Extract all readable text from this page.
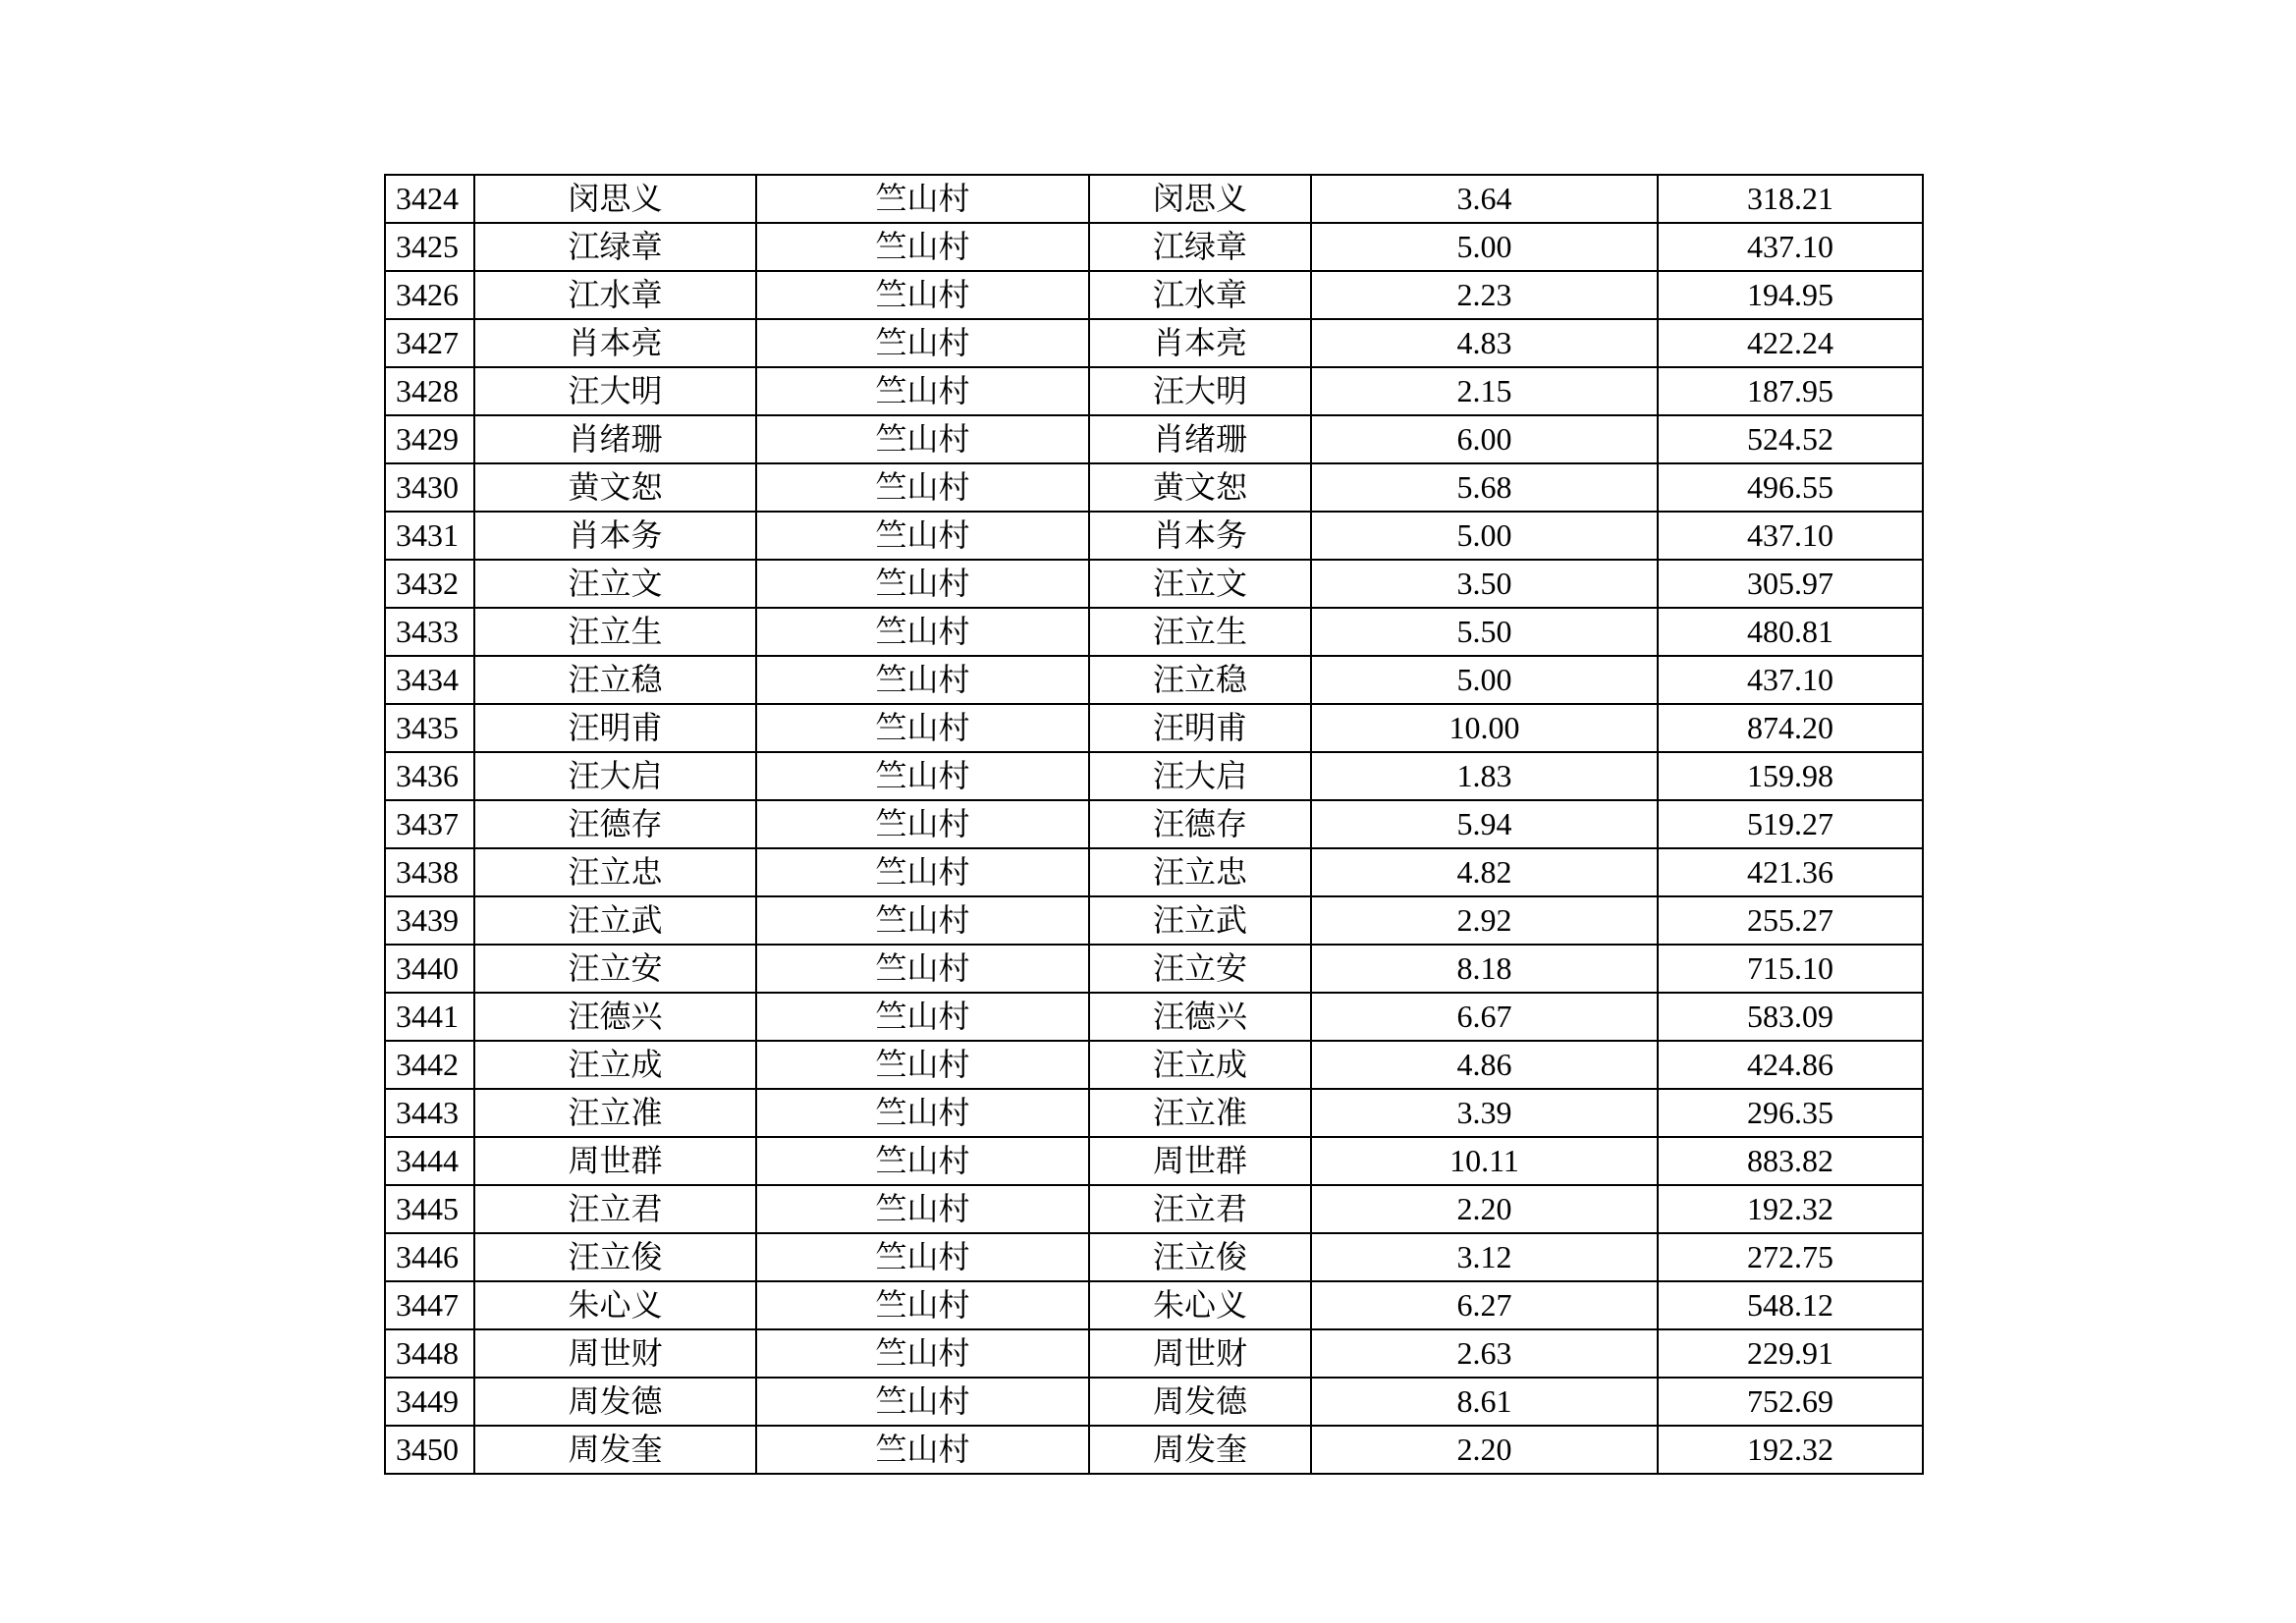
3424	闵思义	竺山村	闵思义	3.64	318.21
3425	江绿章	竺山村	江绿章	5.00	437.10
3426	江水章	竺山村	江水章	2.23	194.95
3427	肖本亮	竺山村	肖本亮	4.83	422.24
3428	汪大明	竺山村	汪大明	2.15	187.95
3429	肖绪珊	竺山村	肖绪珊	6.00	524.52
3430	黄文恕	竺山村	黄文恕	5.68	496.55
3431	肖本务	竺山村	肖本务	5.00	437.10
3432	汪立文	竺山村	汪立文	3.50	305.97
3433	汪立生	竺山村	汪立生	5.50	480.81
3434	汪立稳	竺山村	汪立稳	5.00	437.10
3435	汪明甫	竺山村	汪明甫	10.00	874.20
3436	汪大启	竺山村	汪大启	1.83	159.98
3437	汪德存	竺山村	汪德存	5.94	519.27
3438	汪立忠	竺山村	汪立忠	4.82	421.36
3439	汪立武	竺山村	汪立武	2.92	255.27
3440	汪立安	竺山村	汪立安	8.18	715.10
3441	汪德兴	竺山村	汪德兴	6.67	583.09
3442	汪立成	竺山村	汪立成	4.86	424.86
3443	汪立准	竺山村	汪立准	3.39	296.35
3444	周世群	竺山村	周世群	10.11	883.82
3445	汪立君	竺山村	汪立君	2.20	192.32
3446	汪立俊	竺山村	汪立俊	3.12	272.75
3447	朱心义	竺山村	朱心义	6.27	548.12
3448	周世财	竺山村	周世财	2.63	229.91
3449	周发德	竺山村	周发德	8.61	752.69
3450	周发奎	竺山村	周发奎	2.20	192.32
